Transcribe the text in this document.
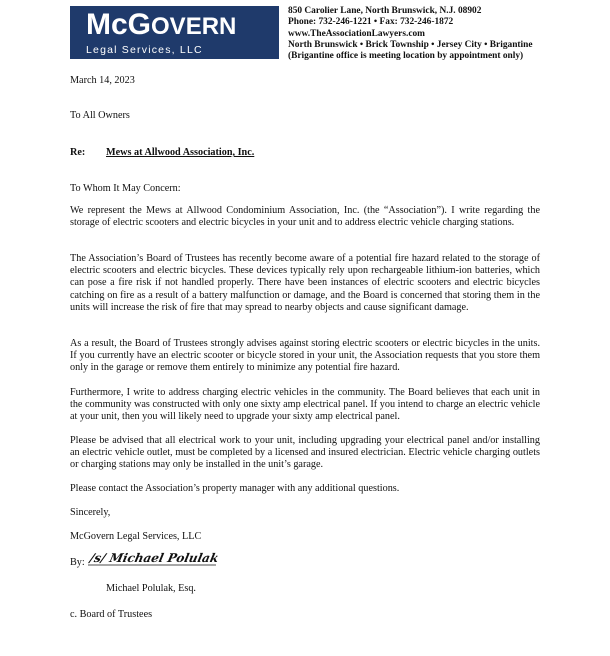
McGOVERN
Legal Services, LLC
850 Carolier Lane, North Brunswick, N.J. 08902
Phone: 732-246-1221 • Fax: 732-246-1872
www.TheAssociationLawyers.com
North Brunswick • Brick Township • Jersey City • Brigantine
(Brigantine office is meeting location by appointment only)
March 14, 2023
To All Owners
Re: Mews at Allwood Association, Inc.
To Whom It May Concern:
We represent the Mews at Allwood Condominium Association, Inc. (the “Association”). I write regarding the storage of electric scooters and electric bicycles in your unit and to address electric vehicle charging stations.
The Association’s Board of Trustees has recently become aware of a potential fire hazard related to the storage of electric scooters and electric bicycles. These devices typically rely upon rechargeable lithium-ion batteries, which can pose a fire risk if not handled properly. There have been instances of electric scooters and electric bicycles catching on fire as a result of a battery malfunction or damage, and the Board is concerned that storing them in the units will increase the risk of fire that may spread to nearby objects and cause significant damage.
As a result, the Board of Trustees strongly advises against storing electric scooters or electric bicycles in the units. If you currently have an electric scooter or bicycle stored in your unit, the Association requests that you store them only in the garage or remove them entirely to minimize any potential fire hazard.
Furthermore, I write to address charging electric vehicles in the community. The Board believes that each unit in the community was constructed with only one sixty amp electrical panel. If you intend to charge an electric vehicle at your unit, then you will likely need to upgrade your sixty amp electrical panel.
Please be advised that all electrical work to your unit, including upgrading your electrical panel and/or installing an electric vehicle outlet, must be completed by a licensed and insured electrician. Electric vehicle charging outlets or charging stations may only be installed in the unit’s garage.
Please contact the Association’s property manager with any additional questions.
Sincerely,
McGovern Legal Services, LLC
By: /s/ Michael Polulak
Michael Polulak, Esq.
c. Board of Trustees
